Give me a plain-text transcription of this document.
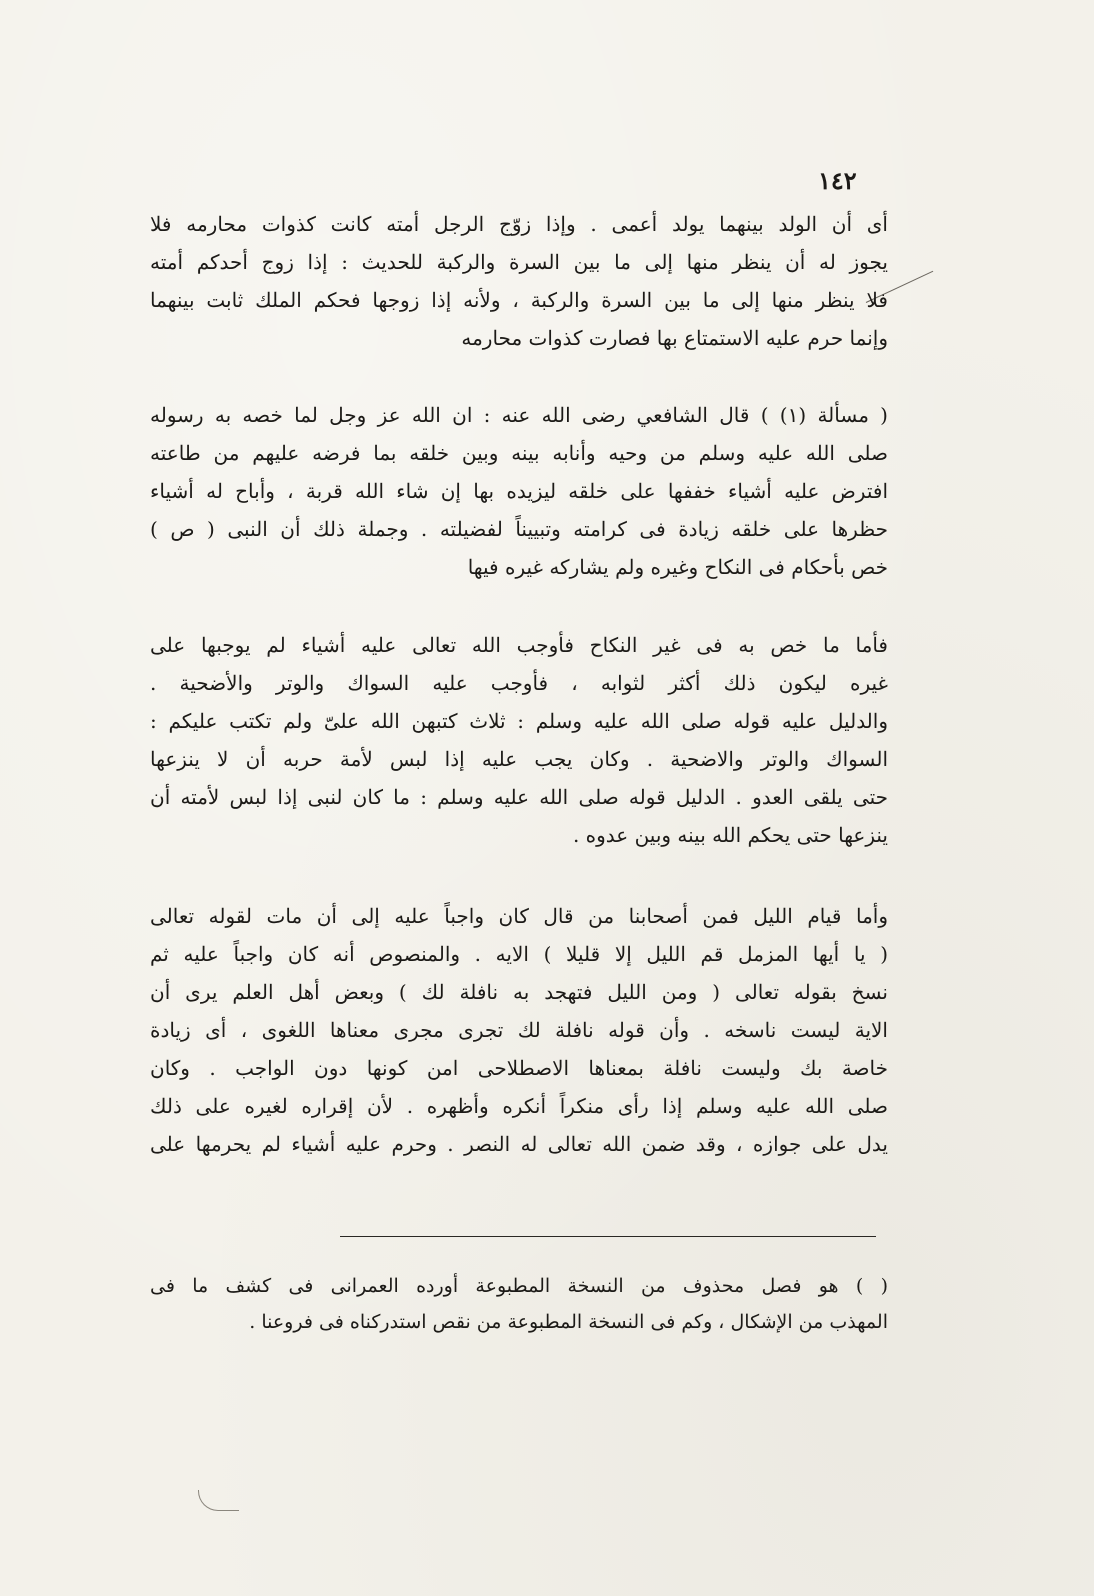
١٤٢
أى أن الولد بينهما يولد أعمى . وإذا زوّج الرجل أمته كانت كذوات محارمه فلا
يجوز له أن ينظر منها إلى ما بين السرة والركبة للحديث : إذا زوج أحدكم أمته
فلا ينظر منها إلى ما بين السرة والركبة ، ولأنه إذا زوجها فحكم الملك ثابت بينهما
وإنما حرم عليه الاستمتاع بها فصارت كذوات محارمه
( مسألة (١) ) قال الشافعي رضى الله عنه : ان الله عز وجل لما خصه به رسوله
صلى الله عليه وسلم من وحيه وأنابه بينه وبين خلقه بما فرضه عليهم من طاعته
افترض عليه أشياء خففها على خلقه ليزيده بها إن شاء الله قربة ، وأباح له أشياء
حظرها على خلقه زيادة فى كرامته وتبييناً لفضيلته . وجملة ذلك أن النبى ( ص )
خص بأحكام فى النكاح وغيره ولم يشاركه غيره فيها
فأما ما خص به فى غير النكاح فأوجب الله تعالى عليه أشياء لم يوجبها على
غيره ليكون ذلك أكثر لثوابه ، فأوجب عليه السواك والوتر والأضحية .
والدليل عليه قوله صلى الله عليه وسلم : ثلاث كتبهن الله علىّ ولم تكتب عليكم :
السواك والوتر والاضحية . وكان يجب عليه إذا لبس لأمة حربه أن لا ينزعها
حتى يلقى العدو . الدليل قوله صلى الله عليه وسلم : ما كان لنبى إذا لبس لأمته أن
ينزعها حتى يحكم الله بينه وبين عدوه .
وأما قيام الليل فمن أصحابنا من قال كان واجباً عليه إلى أن مات لقوله تعالى
( يا أيها المزمل قم الليل إلا قليلا ) الايه . والمنصوص أنه كان واجباً عليه ثم
نسخ بقوله تعالى ( ومن الليل فتهجد به نافلة لك ) وبعض أهل العلم يرى أن
الاية ليست ناسخه . وأن قوله نافلة لك تجرى مجرى معناها اللغوى ، أى زيادة
خاصة بك وليست نافلة بمعناها الاصطلاحى امن كونها دون الواجب . وكان
صلى الله عليه وسلم إذا رأى منكراً أنكره وأظهره . لأن إقراره لغيره على ذلك
يدل على جوازه ، وقد ضمن الله تعالى له النصر . وحرم عليه أشياء لم يحرمها على
( ) هو فصل محذوف من النسخة المطبوعة أورده العمرانى فى كشف ما فى
المهذب من الإشكال ، وكم فى النسخة المطبوعة من نقص استدركناه فى فروعنا .
